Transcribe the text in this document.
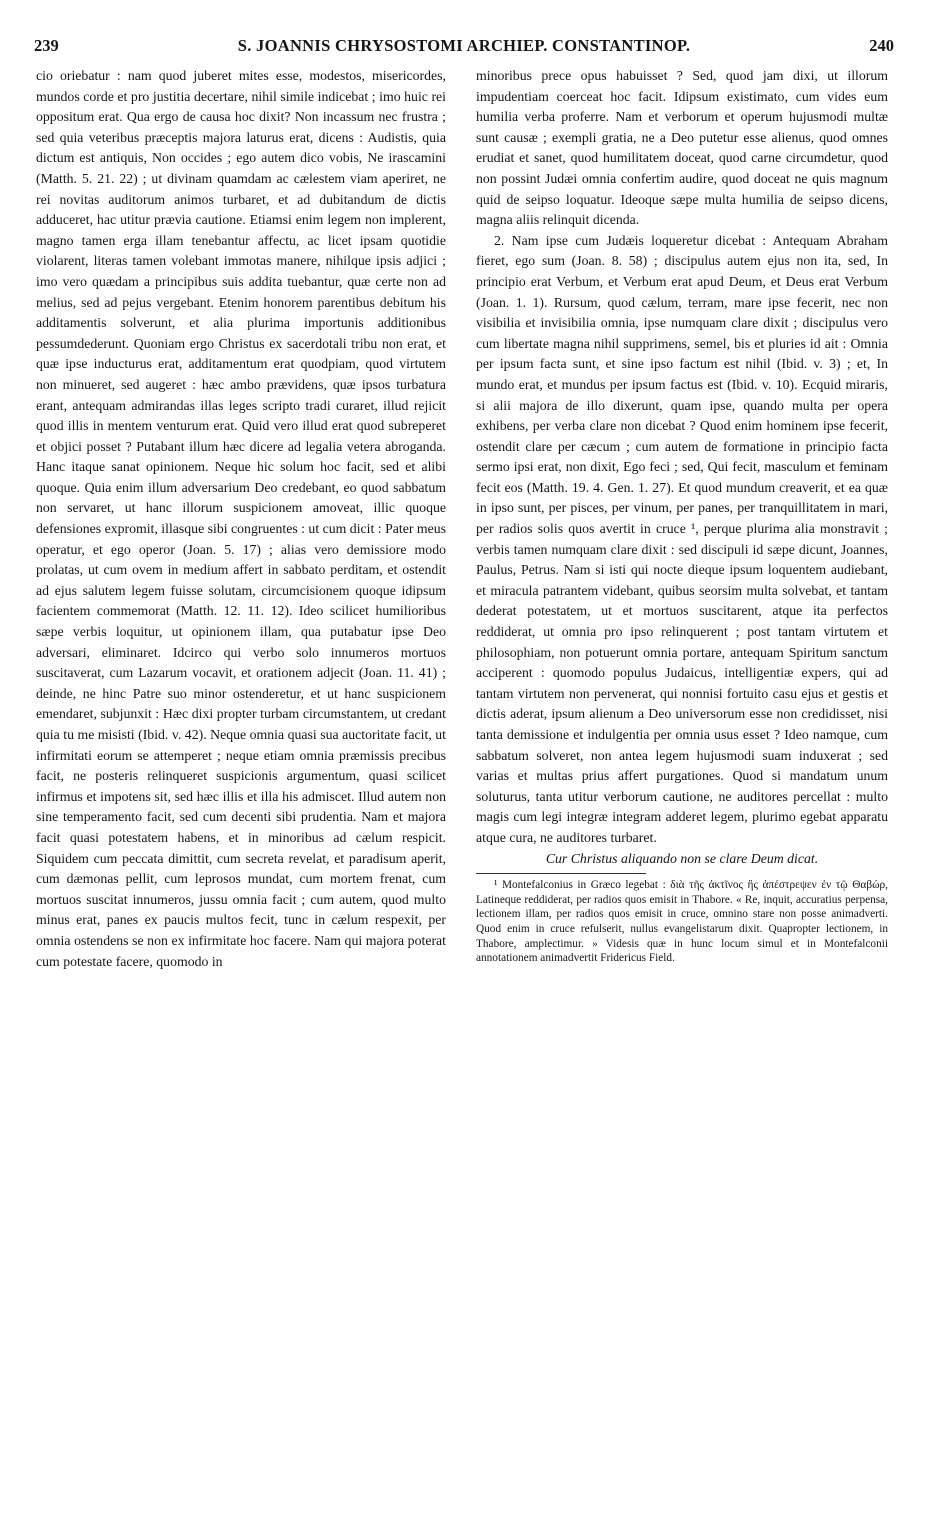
239	S. JOANNIS CHRYSOSTOMI ARCHIEP. CONSTANTINOP.	240

cio oriebatur : nam quod juberet mites esse, modestos, misericordes, mundos corde et pro justitia decertare, nihil simile indicebat ; imo huic rei oppositum erat. Qua ergo de causa hoc dixit? Non incassum nec frustra ; sed quia veteribus præceptis majora laturus erat, dicens : Audistis, quia dictum est antiquis, Non occides ; ego autem dico vobis, Ne irascamini (Matth. 5. 21. 22) ; ut divinam quamdam ac cælestem viam aperiret, ne rei novitas auditorum animos turbaret, et ad dubitandum de dictis adduceret, hac utitur prævia cautione. Etiamsi enim legem non implerent, magno tamen erga illam tenebantur affectu, ac licet ipsam quotidie violarent, literas tamen volebant immotas manere, nihilque ipsis adjici ; imo vero quædam a principibus suis addita tuebantur, quæ certe non ad melius, sed ad pejus vergebant. Etenim honorem parentibus debitum his additamentis solverunt, et alia plurima importunis additionibus pessumdederunt. Quoniam ergo Christus ex sacerdotali tribu non erat, et quæ ipse inducturus erat, additamentum erat quodpiam, quod virtutem non minueret, sed augeret : hæc ambo prævidens, quæ ipsos turbatura erant, antequam admirandas illas leges scripto tradi curaret, illud rejicit quod illis in mentem venturum erat. Quid vero illud erat quod subreperet et objici posset ? Putabant illum hæc dicere ad legalia vetera abroganda. Hanc itaque sanat opinionem. Neque hic solum hoc facit, sed et alibi quoque. Quia enim illum adversarium Deo credebant, eo quod sabbatum non servaret, ut hanc illorum suspicionem amoveat, illic quoque defensiones expromit, illasque sibi congruentes : ut cum dicit : Pater meus operatur, et ego operor (Joan. 5. 17) ; alias vero demissiore modo prolatas, ut cum ovem in medium affert in sabbato perditam, et ostendit ad ejus salutem legem fuisse solutam, circumcisionem quoque idipsum facientem commemorat (Matth. 12. 11. 12). Ideo scilicet humilioribus sæpe verbis loquitur, ut opinionem illam, qua putabatur ipse Deo adversari, eliminaret. Idcirco qui verbo solo innumeros mortuos suscitaverat, cum Lazarum vocavit, et orationem adjecit (Joan. 11. 41) ; deinde, ne hinc Patre suo minor ostenderetur, et ut hanc suspicionem emendaret, subjunxit : Hæc dixi propter turbam circumstantem, ut credant quia tu me misisti (Ibid. v. 42). Neque omnia quasi sua auctoritate facit, ut infirmitati eorum se attemperet ; neque etiam omnia præmissis precibus facit, ne posteris relinqueret suspicionis argumentum, quasi scilicet infirmus et impotens sit, sed hæc illis et illa his admiscet. Illud autem non sine temperamento facit, sed cum decenti sibi prudentia. Nam et majora facit quasi potestatem habens, et in minoribus ad cælum respicit. Siquidem cum peccata dimittit, cum secreta revelat, et paradisum aperit, cum dæmonas pellit, cum leprosos mundat, cum mortem frenat, cum mortuos suscitat innumeros, jussu omnia facit ; cum autem, quod multo minus erat, panes ex paucis multos fecit, tunc in cælum respexit, per omnia ostendens se non ex infirmitate hoc facere. Nam qui majora poterat cum potestate facere, quomodo in

minoribus prece opus habuisset ? Sed, quod jam dixi, ut illorum impudentiam coerceat hoc facit. Idipsum existimato, cum vides eum humilia verba proferre. Nam et verborum et operum hujusmodi multæ sunt causæ ; exempli gratia, ne a Deo putetur esse alienus, quod omnes erudiat et sanet, quod humilitatem doceat, quod carne circumdetur, quod non possint Judæi omnia confertim audire, quod doceat ne quis magnum quid de seipso loquatur. Ideoque sæpe multa humilia de seipso dicens, magna aliis relinquit dicenda.

2. Nam ipse cum Judæis loqueretur dicebat : Antequam Abraham fieret, ego sum (Joan. 8. 58) ; discipulus autem ejus non ita, sed, In principio erat Verbum, et Verbum erat apud Deum, et Deus erat Verbum (Joan. 1. 1). Rursum, quod cælum, terram, mare ipse fecerit, nec non visibilia et invisibilia omnia, ipse numquam clare dixit ; discipulus vero cum libertate magna nihil supprimens, semel, bis et pluries id ait : Omnia per ipsum facta sunt, et sine ipso factum est nihil (Ibid. v. 3) ; et, In mundo erat, et mundus per ipsum factus est (Ibid. v. 10). Ecquid miraris, si alii majora de illo dixerunt, quam ipse, quando multa per opera exhibens, per verba clare non dicebat ? Quod enim hominem ipse fecerit, ostendit clare per cæcum ; cum autem de formatione in principio facta sermo ipsi erat, non dixit, Ego feci ; sed, Qui fecit, masculum et feminam fecit eos (Matth. 19. 4. Gen. 1. 27). Et quod mundum creaverit, et ea quæ in ipso sunt, per pisces, per vinum, per panes, per tranquillitatem in mari, per radios solis quos avertit in cruce ¹, perque plurima alia monstravit ; verbis tamen numquam clare dixit : sed discipuli id sæpe dicunt, Joannes, Paulus, Petrus. Nam si isti qui nocte dieque ipsum loquentem audiebant, et miracula patrantem videbant, quibus seorsim multa solvebat, et tantam dederat potestatem, ut et mortuos suscitarent, atque ita perfectos reddiderat, ut omnia pro ipso relinquerent ; post tantam virtutem et philosophiam, non potuerunt omnia portare, antequam Spiritum sanctum acciperent : quomodo populus Judaicus, intelligentiæ expers, qui ad tantam virtutem non pervenerat, qui nonnisi fortuito casu ejus et gestis et dictis aderat, ipsum alienum a Deo universorum esse non credidisset, nisi tanta demissione et indulgentia per omnia usus esset ? Ideo namque, cum sabbatum solveret, non antea legem hujusmodi suam induxerat ; sed varias et multas prius affert purgationes. Quod si mandatum unum soluturus, tanta utitur verborum cautione, ne auditores percellat : multo magis cum legi integræ integram adderet legem, plurimo egebat apparatu atque cura, ne auditores turbaret.

Cur Christus aliquando non se clare Deum dicat.

¹ Montefalconius in Græco legebat : διὰ τῆς ἀκτῖνος ἣς ἀπέστρεψεν ἐν τῷ Θαβώρ, Latineque reddiderat, per radios quos emisit in Thabore. « Re, inquit, accuratius perpensa, lectionem illam, per radios quos emisit in cruce, omnino stare non posse animadverti. Quod enim in cruce refulserit, nullus evangelistarum dixit. Quapropter lectionem, in Thabore, amplectimur. » Videsis quæ in hunc locum simul et in Montefalconii annotationem animadvertit Fridericus Field.
